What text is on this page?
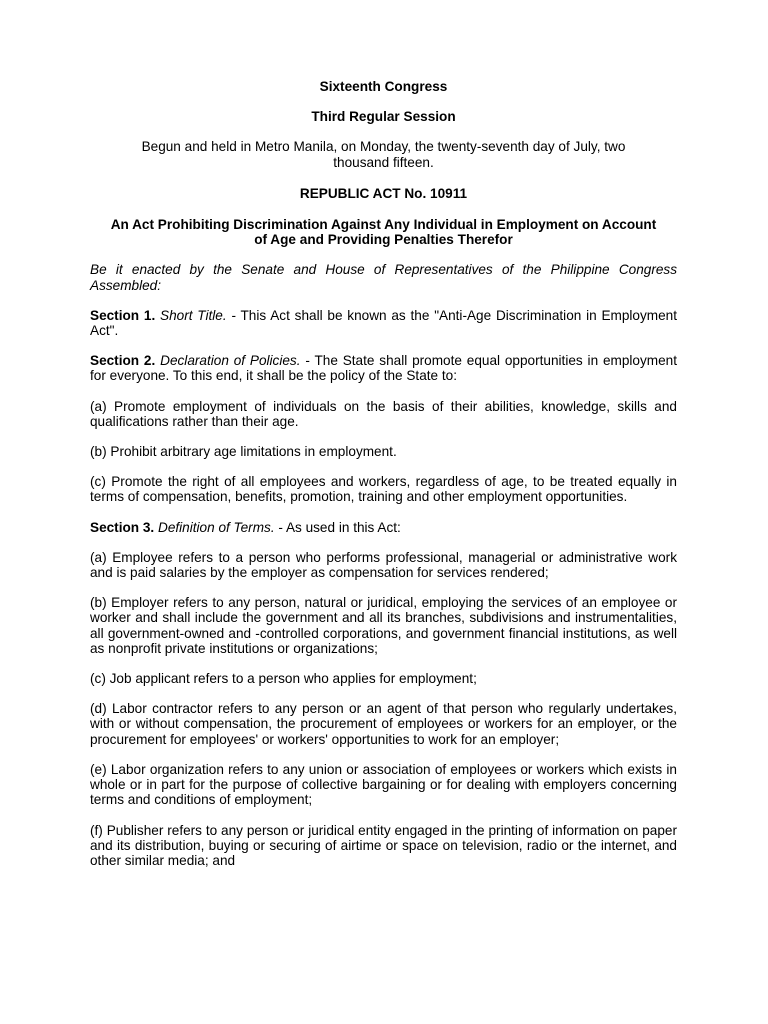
Sixteenth Congress

Third Regular Session

Begun and held in Metro Manila, on Monday, the twenty-seventh day of July, two thousand fifteen.

REPUBLIC ACT No. 10911

An Act Prohibiting Discrimination Against Any Individual in Employment on Account of Age and Providing Penalties Therefor

Be it enacted by the Senate and House of Representatives of the Philippine Congress Assembled:

Section 1. Short Title. - This Act shall be known as the "Anti-Age Discrimination in Employment Act".

Section 2. Declaration of Policies. - The State shall promote equal opportunities in employment for everyone. To this end, it shall be the policy of the State to:

(a) Promote employment of individuals on the basis of their abilities, knowledge, skills and qualifications rather than their age.

(b) Prohibit arbitrary age limitations in employment.

(c) Promote the right of all employees and workers, regardless of age, to be treated equally in terms of compensation, benefits, promotion, training and other employment opportunities.

Section 3. Definition of Terms. - As used in this Act:

(a) Employee refers to a person who performs professional, managerial or administrative work and is paid salaries by the employer as compensation for services rendered;

(b) Employer refers to any person, natural or juridical, employing the services of an employee or worker and shall include the government and all its branches, subdivisions and instrumentalities, all government-owned and -controlled corporations, and government financial institutions, as well as nonprofit private institutions or organizations;

(c) Job applicant refers to a person who applies for employment;

(d) Labor contractor refers to any person or an agent of that person who regularly undertakes, with or without compensation, the procurement of employees or workers for an employer, or the procurement for employees' or workers' opportunities to work for an employer;

(e) Labor organization refers to any union or association of employees or workers which exists in whole or in part for the purpose of collective bargaining or for dealing with employers concerning terms and conditions of employment;

(f) Publisher refers to any person or juridical entity engaged in the printing of information on paper and its distribution, buying or securing of airtime or space on television, radio or the internet, and other similar media; and
